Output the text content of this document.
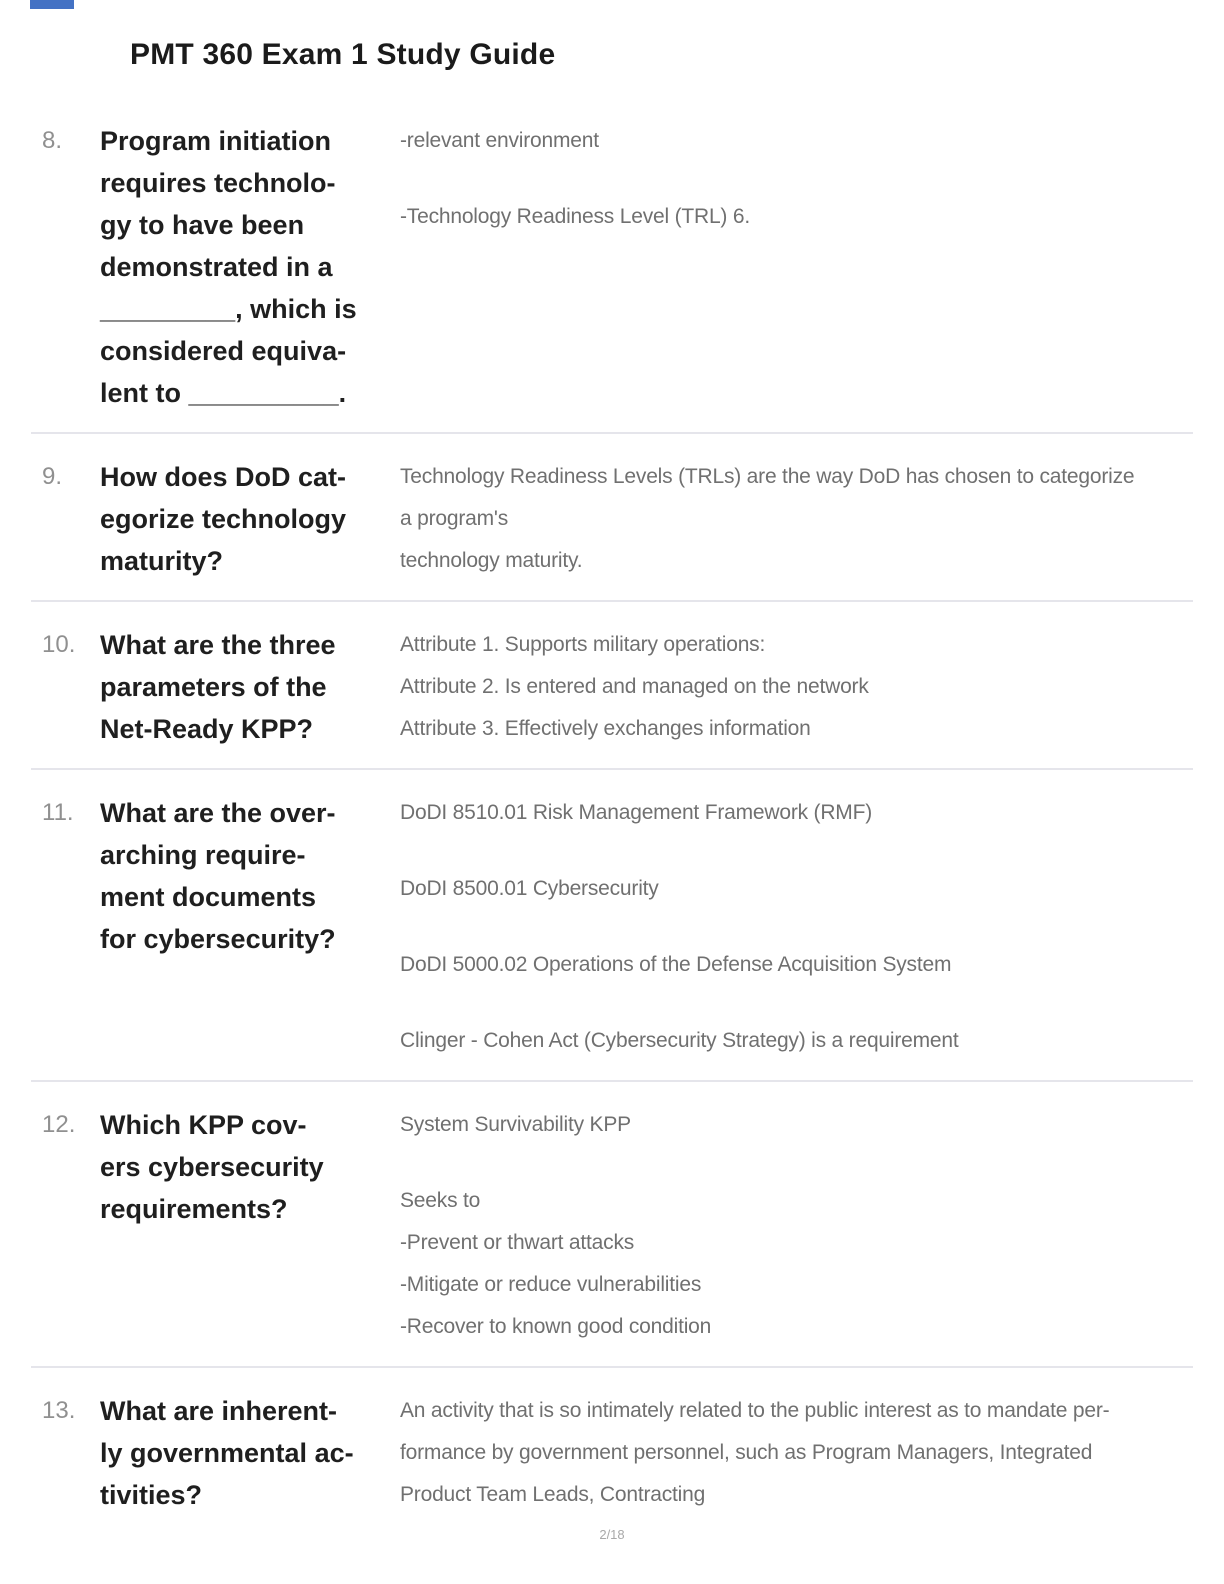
PMT 360 Exam 1 Study Guide
8.	Program initiation
requires technolo-
gy to have been
demonstrated in a
_________, which is
considered equiva-
lent to __________.
-relevant environment
-Technology Readiness Level (TRL) 6.
9.	How does DoD cat-
egorize technology
maturity?
Technology Readiness Levels (TRLs) are the way DoD has chosen to categorize
a program's
technology maturity.
10. What are the three
parameters of the
Net-Ready KPP?
Attribute 1. Supports military operations:
Attribute 2. Is entered and managed on the network
Attribute 3. Effectively exchanges information
11. What are the over-
arching require-
ment documents
for cybersecurity?
DoDI 8510.01 Risk Management Framework (RMF)
DoDI 8500.01 Cybersecurity
DoDI 5000.02 Operations of the Defense Acquisition System
Clinger - Cohen Act (Cybersecurity Strategy) is a requirement
12. Which KPP cov-
ers cybersecurity
requirements?
System Survivability KPP
Seeks to
-Prevent or thwart attacks
-Mitigate or reduce vulnerabilities
-Recover to known good condition
13. What are inherent-
ly governmental ac-
tivities?
An activity that is so intimately related to the public interest as to mandate per-
formance by government personnel, such as Program Managers, Integrated
Product Team Leads, Contracting
2/18
